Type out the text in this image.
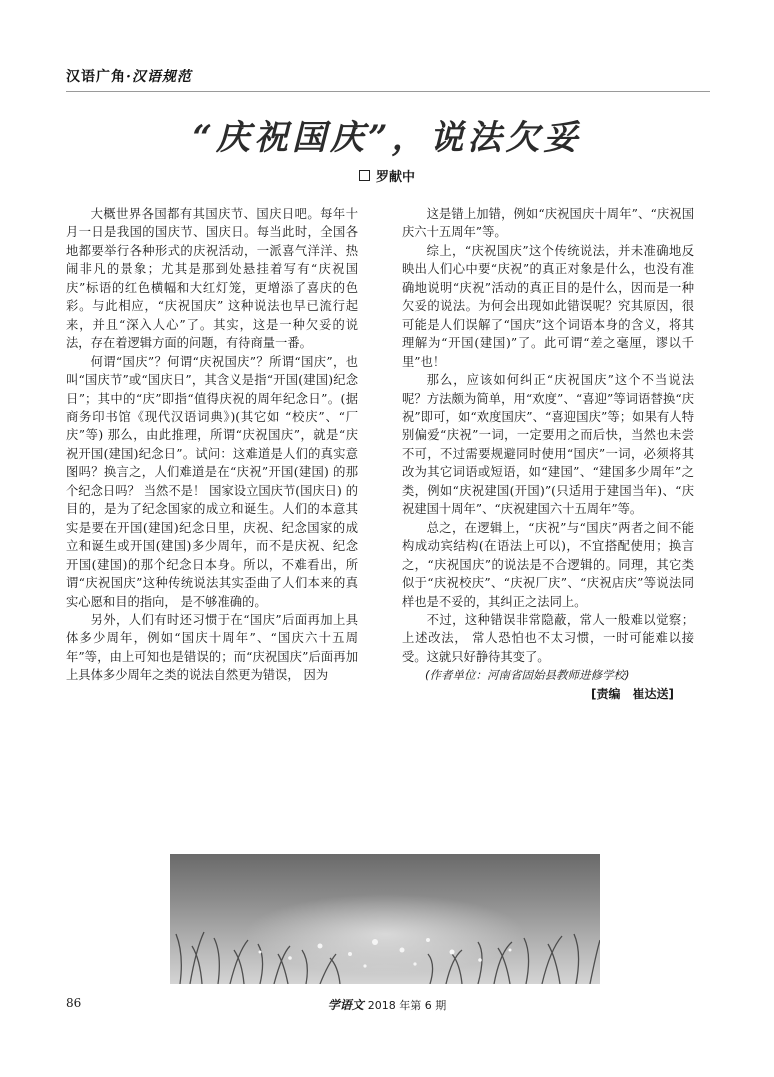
汉语广角·汉语规范
“庆祝国庆”，说法欠妥
罗献中

大概世界各国都有其国庆节、国庆日吧。每年十月一日是我国的国庆节、国庆日。每当此时，全国各地都要举行各种形式的庆祝活动，一派喜气洋洋、热闹非凡的景象；尤其是那到处悬挂着写有“庆祝国庆”标语的红色横幅和大红灯笼，更增添了喜庆的色彩。与此相应，“庆祝国庆” 这种说法也早已流行起来，并且“深入人心”了。其实，这是一种欠妥的说法，存在着逻辑方面的问题，有待商量一番。

何谓“国庆”？何谓“庆祝国庆”？所谓“国庆”，也叫“国庆节”或“国庆日”，其含义是指“开国(建国)纪念日”；其中的“庆”即指“值得庆祝的周年纪念日”。(据商务印书馆《现代汉语词典》)(其它如 “校庆”、“厂庆”等) 那么，由此推理，所谓“庆祝国庆”，就是“庆祝开国(建国)纪念日”。试问：这难道是人们的真实意图吗？换言之，人们难道是在“庆祝”开国(建国) 的那个纪念日吗？ 当然不是！ 国家设立国庆节(国庆日) 的目的，是为了纪念国家的成立和诞生。人们的本意其实是要在开国(建国)纪念日里，庆祝、纪念国家的成立和诞生或开国(建国)多少周年，而不是庆祝、纪念开国(建国)的那个纪念日本身。所以，不难看出，所谓“庆祝国庆”这种传统说法其实歪曲了人们本来的真实心愿和目的指向， 是不够准确的。

另外，人们有时还习惯于在“国庆”后面再加上具体多少周年，例如“国庆十周年”、“国庆六十五周年”等，由上可知也是错误的；而“庆祝国庆”后面再加上具体多少周年之类的说法自然更为错误， 因为

这是错上加错，例如“庆祝国庆十周年”、“庆祝国庆六十五周年”等。

综上，“庆祝国庆”这个传统说法，并未准确地反映出人们心中要“庆祝”的真正对象是什么，也没有准确地说明“庆祝”活动的真正目的是什么，因而是一种欠妥的说法。为何会出现如此错误呢？究其原因，很可能是人们误解了“国庆”这个词语本身的含义，将其理解为“开国(建国)”了。此可谓“差之毫厘，谬以千里”也！

那么，应该如何纠正“庆祝国庆”这个不当说法呢？方法颇为简单，用“欢度”、“喜迎”等词语替换“庆祝”即可，如“欢度国庆”、“喜迎国庆”等；如果有人特别偏爱“庆祝”一词，一定要用之而后快，当然也未尝不可，不过需要规避同时使用“国庆”一词，必须将其改为其它词语或短语，如“建国”、“建国多少周年”之类，例如“庆祝建国(开国)”(只适用于建国当年)、“庆祝建国十周年”、“庆祝建国六十五周年”等。

总之，在逻辑上，“庆祝”与“国庆”两者之间不能构成动宾结构(在语法上可以)，不宜搭配使用；换言之，“庆祝国庆”的说法是不合逻辑的。同理，其它类似于“庆祝校庆”、“庆祝厂庆”、“庆祝店庆”等说法同样也是不妥的，其纠正之法同上。

不过，这种错误非常隐蔽，常人一般难以觉察；上述改法， 常人恐怕也不太习惯，一时可能难以接受。这就只好静待其变了。

(作者单位：河南省固始县教师进修学校)

[责编　崔达送]
86	学语文 2018 年第 6 期
